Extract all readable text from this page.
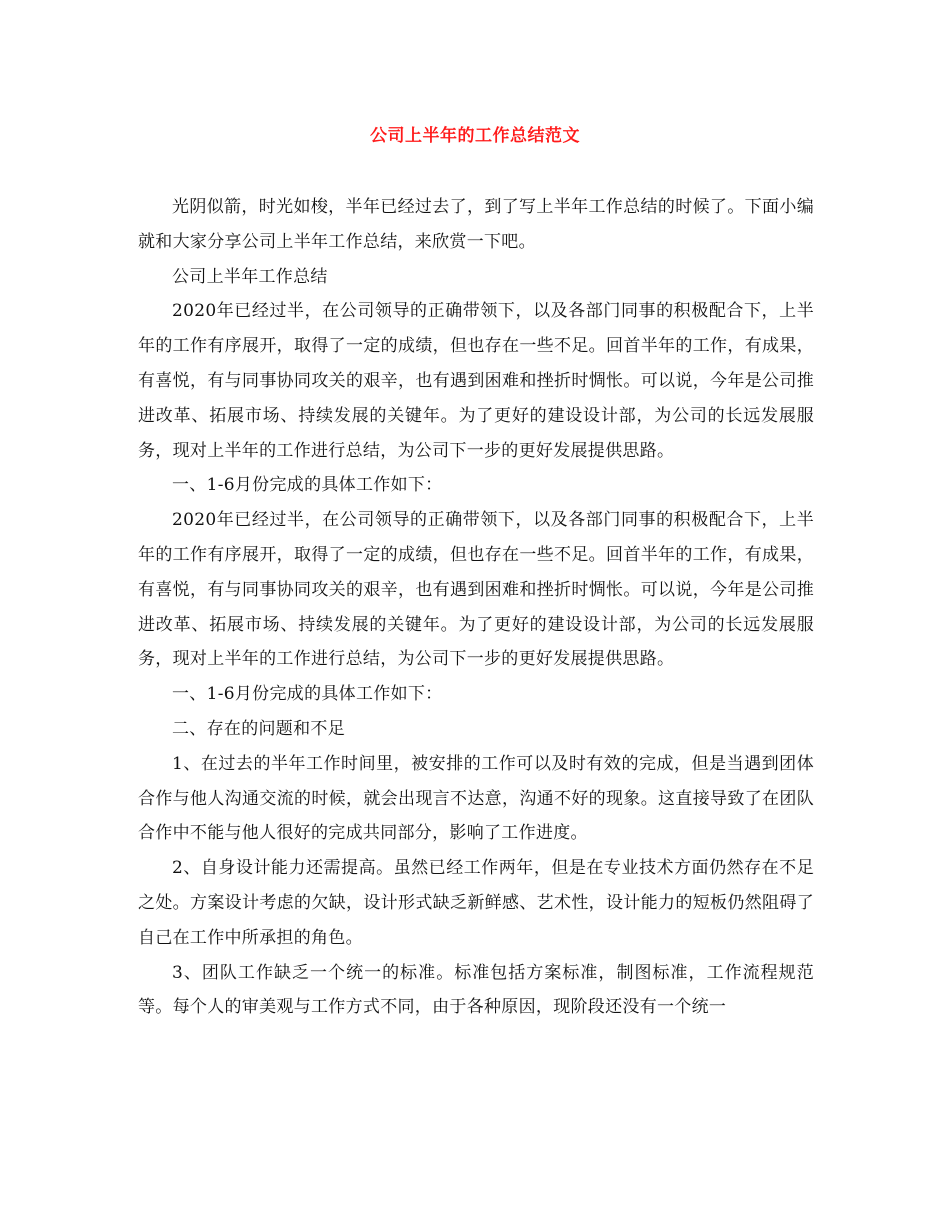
公司上半年的工作总结范文

光阴似箭，时光如梭，半年已经过去了，到了写上半年工作总结的时候了。下面小编就和大家分享公司上半年工作总结，来欣赏一下吧。

公司上半年工作总结

2020年已经过半，在公司领导的正确带领下，以及各部门同事的积极配合下，上半年的工作有序展开，取得了一定的成绩，但也存在一些不足。回首半年的工作，有成果，有喜悦，有与同事协同攻关的艰辛，也有遇到困难和挫折时惆怅。可以说，今年是公司推进改革、拓展市场、持续发展的关键年。为了更好的建设设计部，为公司的长远发展服务，现对上半年的工作进行总结，为公司下一步的更好发展提供思路。

一、1-6月份完成的具体工作如下：

2020年已经过半，在公司领导的正确带领下，以及各部门同事的积极配合下，上半年的工作有序展开，取得了一定的成绩，但也存在一些不足。回首半年的工作，有成果，有喜悦，有与同事协同攻关的艰辛，也有遇到困难和挫折时惆怅。可以说，今年是公司推进改革、拓展市场、持续发展的关键年。为了更好的建设设计部，为公司的长远发展服务，现对上半年的工作进行总结，为公司下一步的更好发展提供思路。

一、1-6月份完成的具体工作如下：

二、存在的问题和不足

1、在过去的半年工作时间里，被安排的工作可以及时有效的完成，但是当遇到团体合作与他人沟通交流的时候，就会出现言不达意，沟通不好的现象。这直接导致了在团队合作中不能与他人很好的完成共同部分，影响了工作进度。

2、自身设计能力还需提高。虽然已经工作两年，但是在专业技术方面仍然存在不足之处。方案设计考虑的欠缺，设计形式缺乏新鲜感、艺术性，设计能力的短板仍然阻碍了自己在工作中所承担的角色。

3、团队工作缺乏一个统一的标准。标准包括方案标准，制图标准，工作流程规范等。每个人的审美观与工作方式不同，由于各种原因，现阶段还没有一个统一
